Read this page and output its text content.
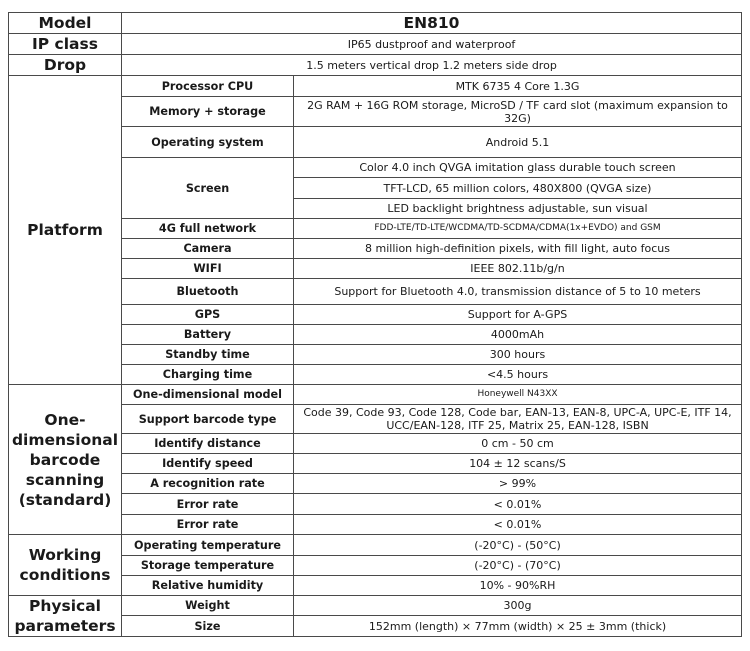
Model	EN810	
IP class	IP65 dustproof and waterproof	
Drop	1.5 meters vertical drop 1.2 meters side drop	
Platform	Processor CPU	MTK 6735 4 Core 1.3G
	Memory + storage	2G RAM + 16G ROM storage, MicroSD / TF card slot (maximum expansion to 32G)
	Operating system	Android 5.1
	Screen	Color 4.0 inch QVGA imitation glass durable touch screen
		TFT-LCD, 65 million colors, 480X800 (QVGA size)
		LED backlight brightness adjustable, sun visual
	4G full network	FDD-LTE/TD-LTE/WCDMA/TD-SCDMA/CDMA(1x+EVDO) and GSM
	Camera	8 million high-definition pixels, with fill light, auto focus
	WIFI	IEEE 802.11b/g/n
	Bluetooth	Support for Bluetooth 4.0, transmission distance of 5 to 10 meters
	GPS	Support for A-GPS
	Battery	4000mAh
	Standby time	300 hours
	Charging time	<4.5 hours
One-
dimensional
barcode
scanning
(standard)	One-dimensional model	Honeywell N43XX
	Support barcode type	Code 39, Code 93, Code 128, Code bar, EAN-13, EAN-8, UPC-A, UPC-E, ITF 14, UCC/EAN-128, ITF 25, Matrix 25, EAN-128, ISBN
	Identify distance	0 cm - 50 cm
	Identify speed	104 ± 12 scans/S
	A recognition rate	> 99%
	Error rate	< 0.01%
	Error rate	< 0.01%
Working
conditions	Operating temperature	(-20°C) - (50°C)
	Storage temperature	(-20°C) - (70°C)
	Relative humidity	10% - 90%RH
Physical
parameters	Weight	300g
	Size	152mm (length) × 77mm (width) × 25 ± 3mm (thick)
